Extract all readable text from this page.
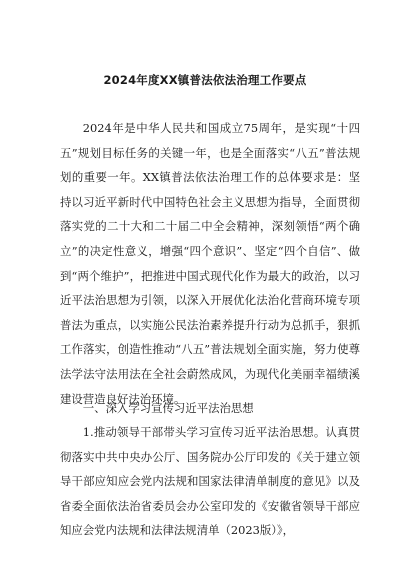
2024年度XX镇普法依法治理工作要点

2024年是中华人民共和国成立75周年，是实现“十四五”规划目标任务的关键一年，也是全面落实“八五”普法规划的重要一年。XX镇普法依法治理工作的总体要求是：坚持以习近平新时代中国特色社会主义思想为指导，全面贯彻落实党的二十大和二十届二中全会精神，深刻领悟“两个确立”的决定性意义，增强“四个意识”、坚定“四个自信”、做到“两个维护”，把推进中国式现代化作为最大的政治，以习近平法治思想为引领，以深入开展优化法治化营商环境专项普法为重点，以实施公民法治素养提升行动为总抓手，狠抓工作落实，创造性推动“八五”普法规划全面实施，努力使尊法学法守法用法在全社会蔚然成风，为现代化美丽幸福绩溪建设营造良好法治环境。

一、深入学习宣传习近平法治思想

1.推动领导干部带头学习宣传习近平法治思想。认真贯彻落实中共中央办公厅、国务院办公厅印发的《关于建立领导干部应知应会党内法规和国家法律清单制度的意见》以及省委全面依法治省委员会办公室印发的《安徽省领导干部应知应会党内法规和法律法规清单（2023版）》，
